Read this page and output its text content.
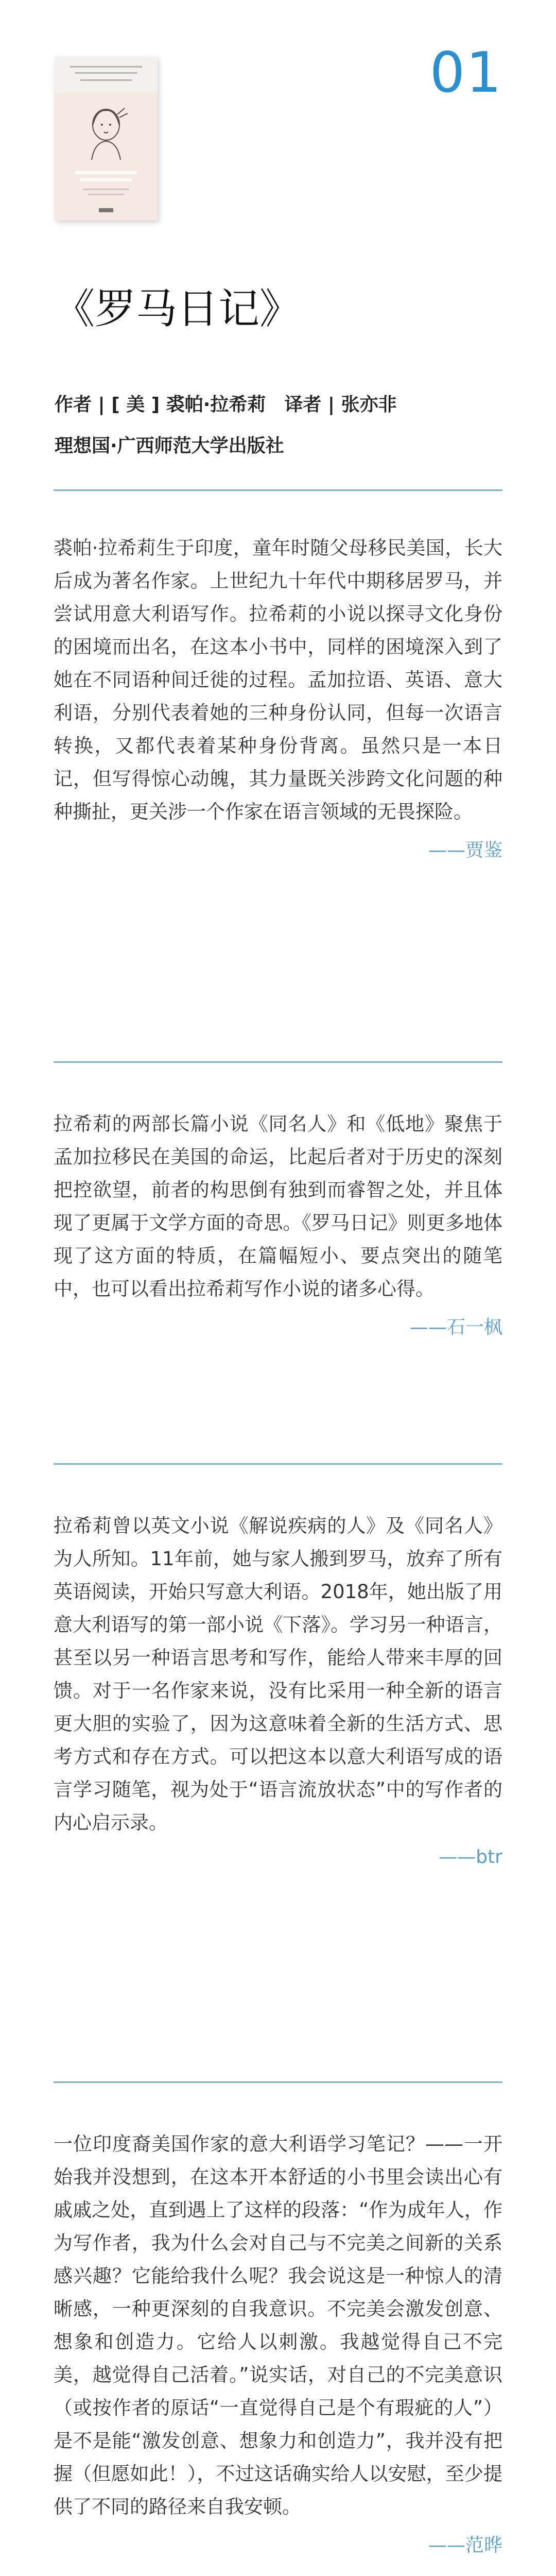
01
《罗马日记》
作者 | [ 美 ] 裘帕·拉希莉　译者 | 张亦非
理想国·广西师范大学出版社

裘帕·拉希莉生于印度，童年时随父母移民美国，长大后成为著名作家。上世纪九十年代中期移居罗马，并尝试用意大利语写作。拉希莉的小说以探寻文化身份的困境而出名，在这本小书中，同样的困境深入到了她在不同语种间迁徙的过程。孟加拉语、英语、意大利语，分别代表着她的三种身份认同，但每一次语言转换，又都代表着某种身份背离。虽然只是一本日记，但写得惊心动魄，其力量既关涉跨文化问题的种种撕扯，更关涉一个作家在语言领域的无畏探险。

——贾鉴

拉希莉的两部长篇小说《同名人》和《低地》聚焦于孟加拉移民在美国的命运，比起后者对于历史的深刻把控欲望，前者的构思倒有独到而睿智之处，并且体现了更属于文学方面的奇思。《罗马日记》则更多地体现了这方面的特质，在篇幅短小、要点突出的随笔中，也可以看出拉希莉写作小说的诸多心得。

——石一枫

拉希莉曾以英文小说《解说疾病的人》及《同名人》为人所知。11年前，她与家人搬到罗马，放弃了所有英语阅读，开始只写意大利语。2018年，她出版了用意大利语写的第一部小说《下落》。学习另一种语言，甚至以另一种语言思考和写作，能给人带来丰厚的回馈。对于一名作家来说，没有比采用一种全新的语言更大胆的实验了，因为这意味着全新的生活方式、思考方式和存在方式。可以把这本以意大利语写成的语言学习随笔，视为处于“语言流放状态”中的写作者的内心启示录。

——btr

一位印度裔美国作家的意大利语学习笔记？——一开始我并没想到，在这本开本舒适的小书里会读出心有戚戚之处，直到遇上了这样的段落：“作为成年人，作为写作者，我为什么会对自己与不完美之间新的关系感兴趣？它能给我什么呢？我会说这是一种惊人的清晰感，一种更深刻的自我意识。不完美会激发创意、想象和创造力。它给人以刺激。我越觉得自己不完美，越觉得自己活着。”说实话，对自己的不完美意识（或按作者的原话“一直觉得自己是个有瑕疵的人”）是不是能“激发创意、想象力和创造力”，我并没有把握（但愿如此！），不过这话确实给人以安慰，至少提供了不同的路径来自我安顿。

——范晔
